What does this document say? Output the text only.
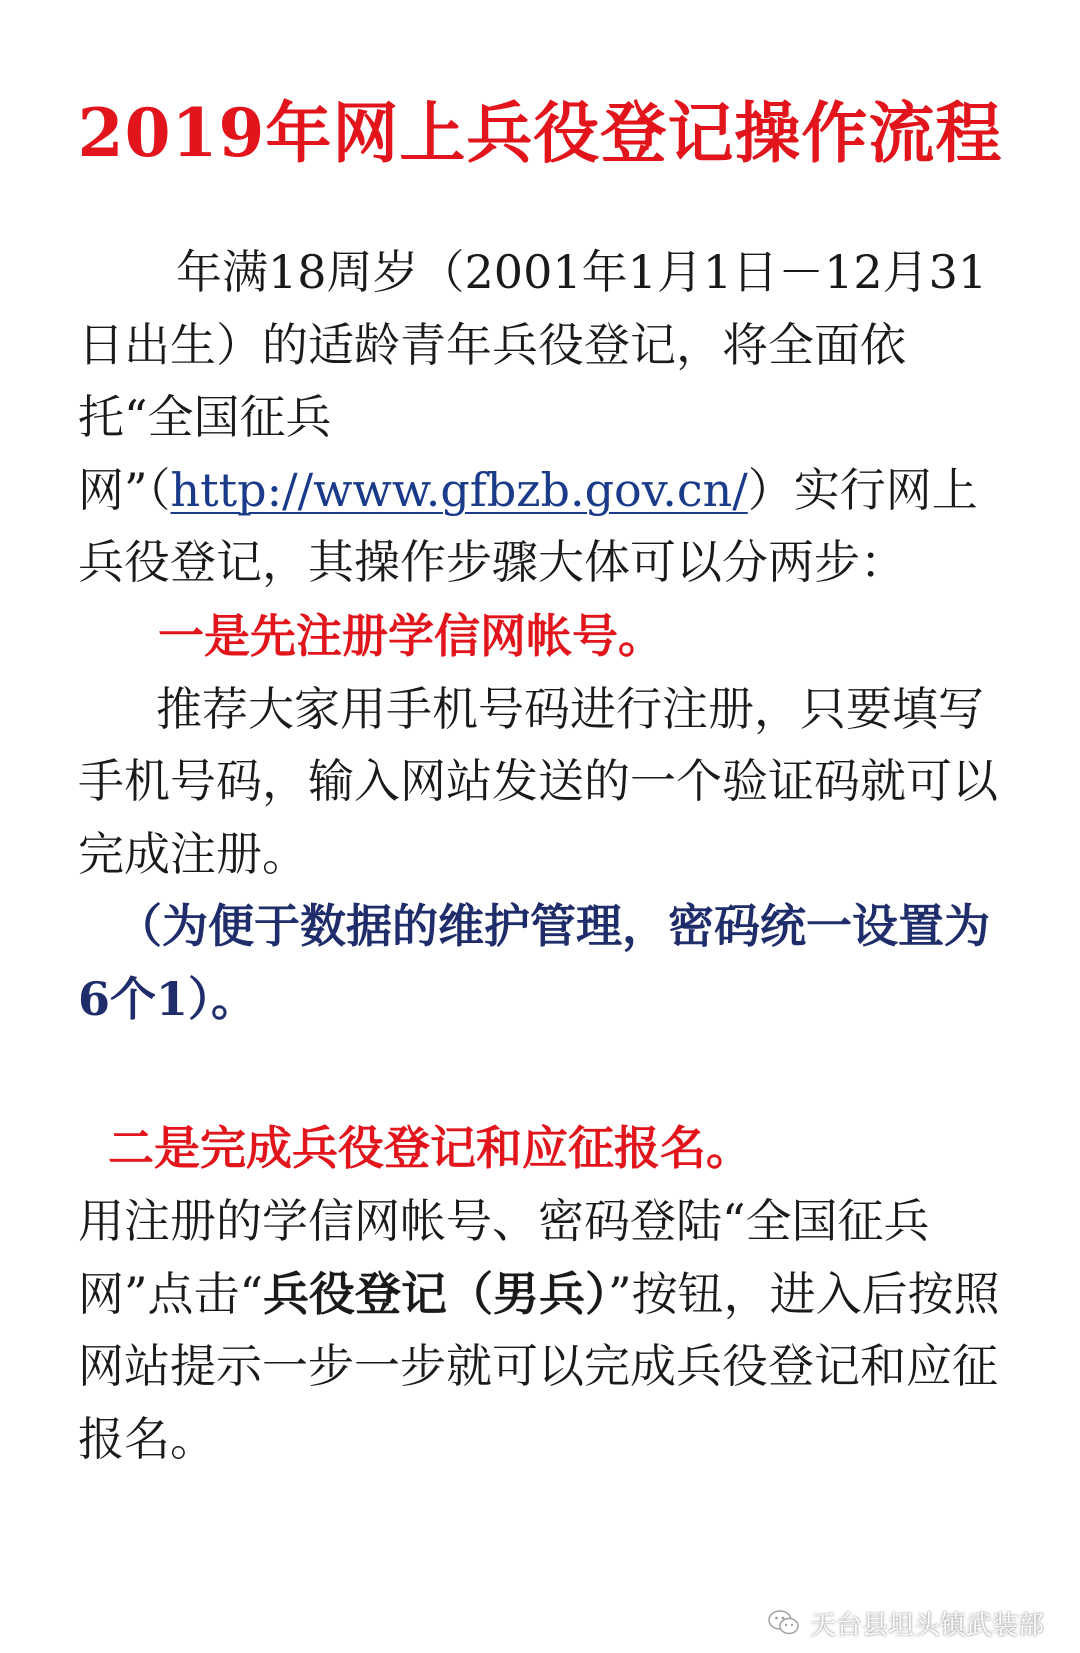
2019年网上兵役登记操作流程

年满18周岁（2001年1月1日－12月31日出生）的适龄青年兵役登记，将全面依托“全国征兵网”（http://www.gfbzb.gov.cn/）实行网上兵役登记，其操作步骤大体可以分两步：

一是先注册学信网帐号。

推荐大家用手机号码进行注册，只要填写手机号码，输入网站发送的一个验证码就可以完成注册。

（为便于数据的维护管理，密码统一设置为6个1）。

二是完成兵役登记和应征报名。

用注册的学信网帐号、密码登陆“全国征兵网”点击“兵役登记（男兵）”按钮，进入后按照网站提示一步一步就可以完成兵役登记和应征报名。

天台县坦头镇武装部
